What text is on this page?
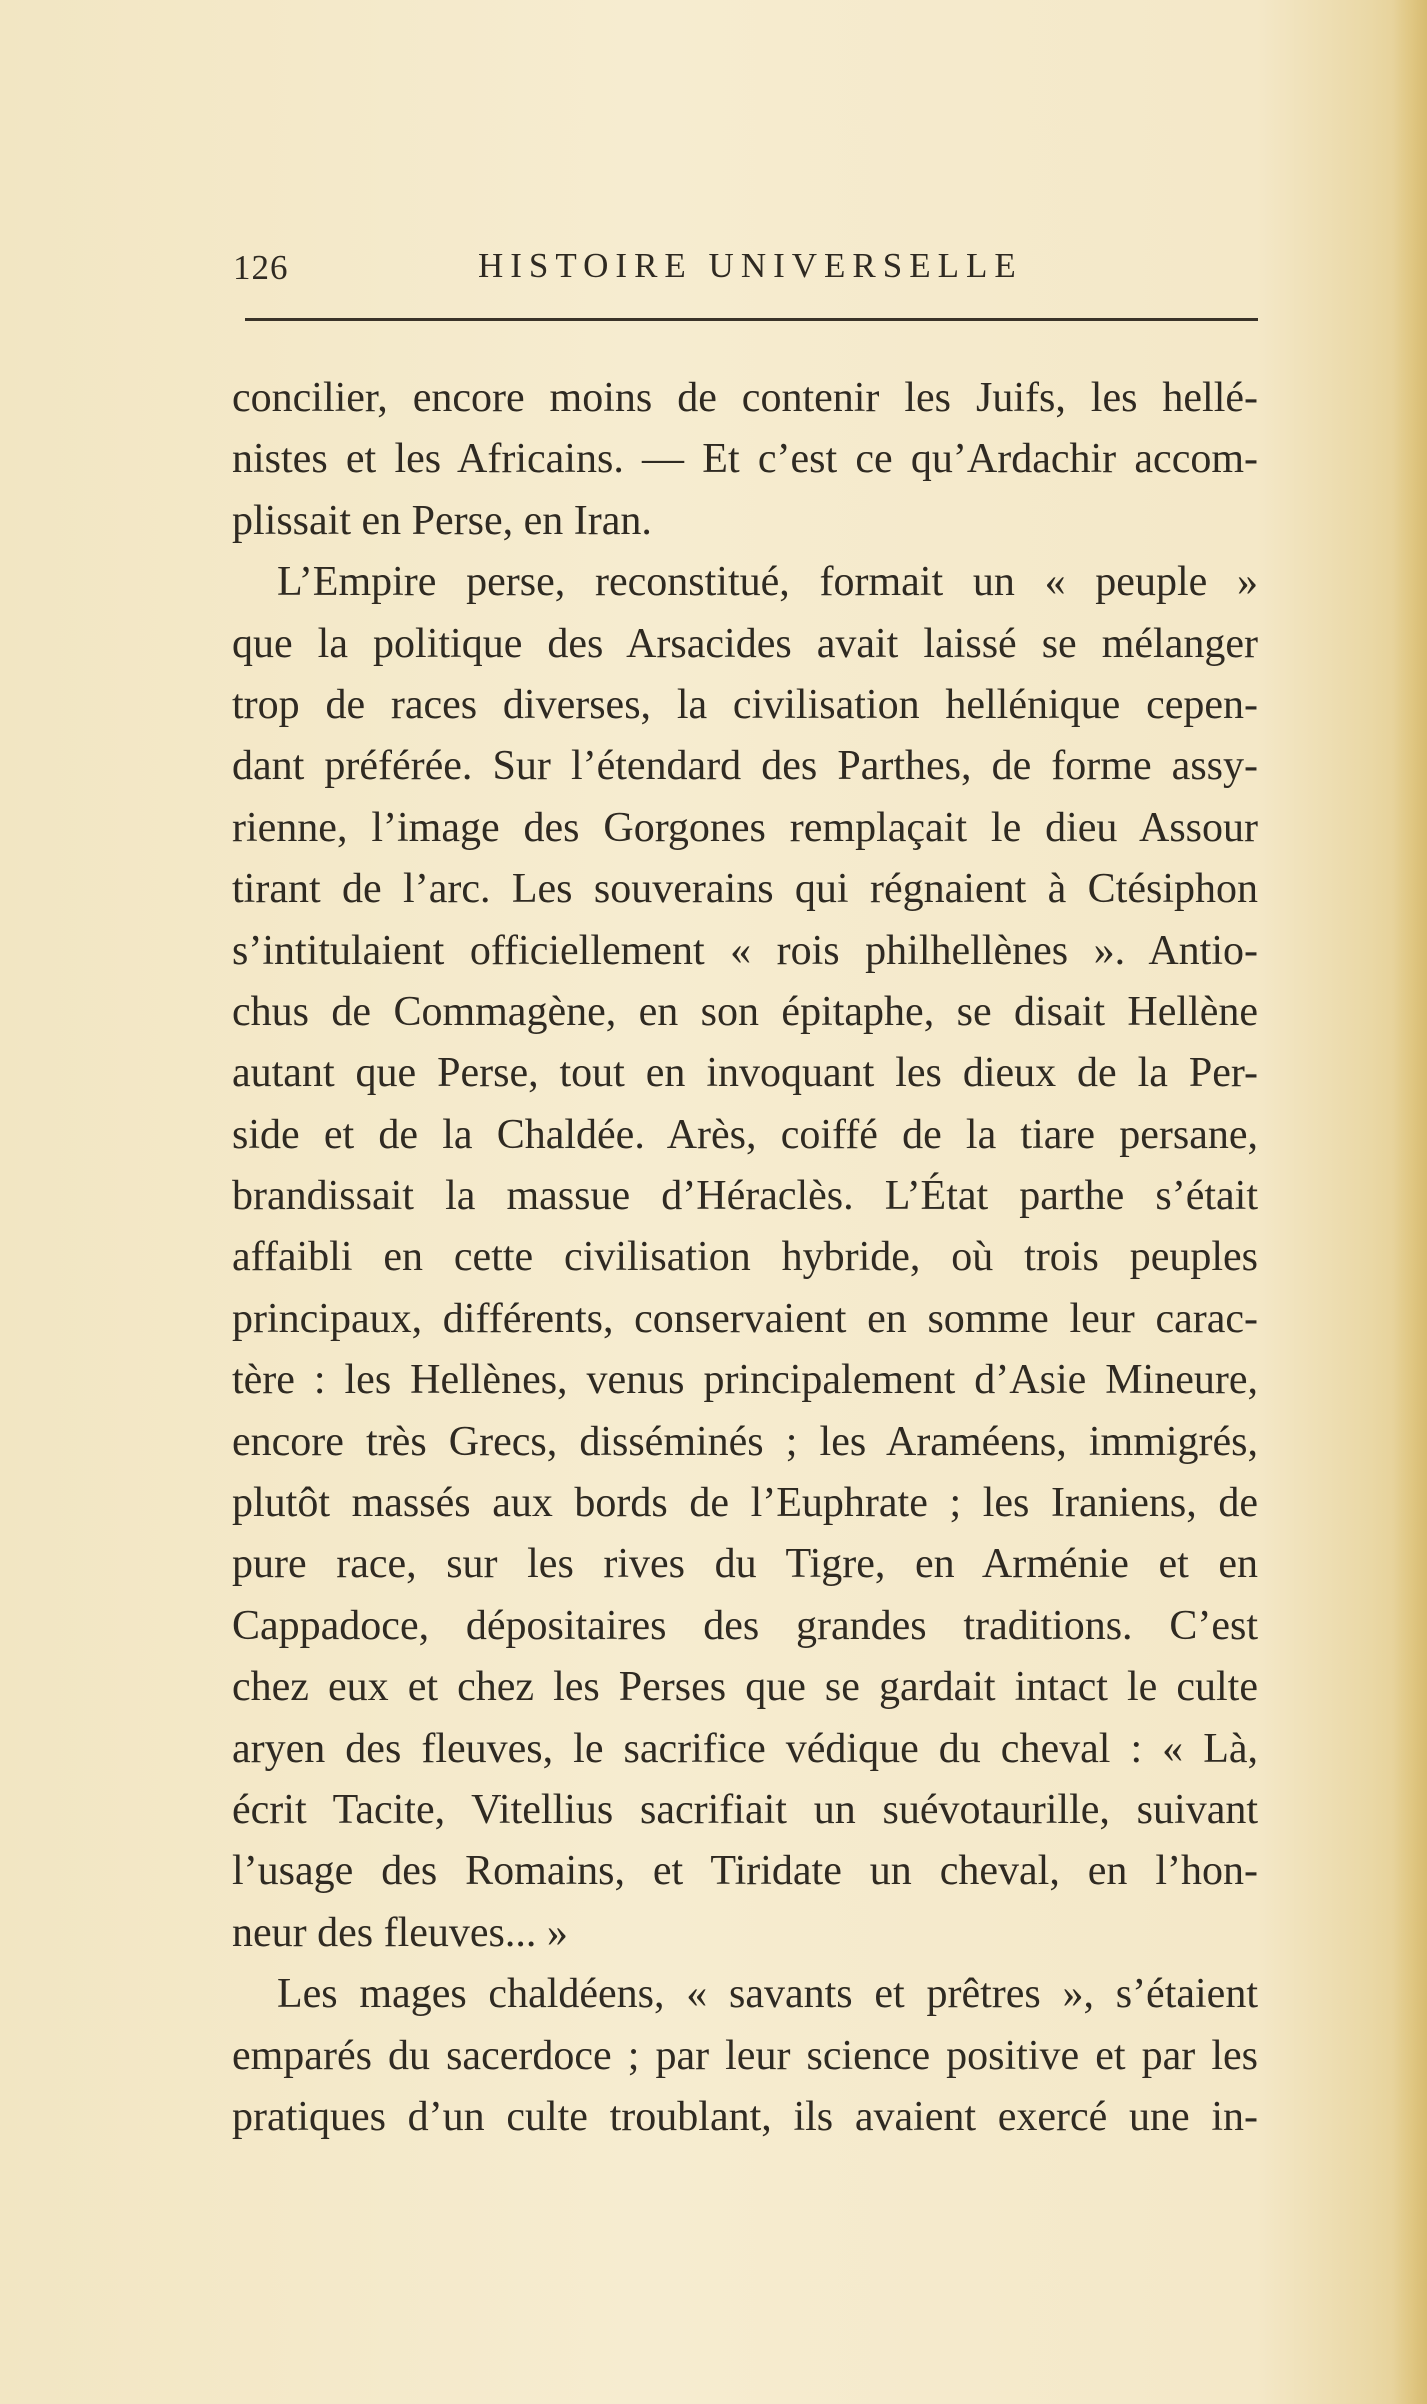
126	HISTOIRE UNIVERSELLE
concilier, encore moins de contenir les Juifs, les hellé-
nistes et les Africains. — Et c’est ce qu’Ardachir accom-
plissait en Perse, en Iran.
L’Empire perse, reconstitué, formait un « peuple »
que la politique des Arsacides avait laissé se mélanger
trop de races diverses, la civilisation hellénique cepen-
dant préférée. Sur l’étendard des Parthes, de forme assy-
rienne, l’image des Gorgones remplaçait le dieu Assour
tirant de l’arc. Les souverains qui régnaient à Ctésiphon
s’intitulaient officiellement « rois philhellènes ». Antio-
chus de Commagène, en son épitaphe, se disait Hellène
autant que Perse, tout en invoquant les dieux de la Per-
side et de la Chaldée. Arès, coiffé de la tiare persane,
brandissait la massue d’Héraclès. L’État parthe s’était
affaibli en cette civilisation hybride, où trois peuples
principaux, différents, conservaient en somme leur carac-
tère : les Hellènes, venus principalement d’Asie Mineure,
encore très Grecs, disséminés ; les Araméens, immigrés,
plutôt massés aux bords de l’Euphrate ; les Iraniens, de
pure race, sur les rives du Tigre, en Arménie et en
Cappadoce, dépositaires des grandes traditions. C’est
chez eux et chez les Perses que se gardait intact le culte
aryen des fleuves, le sacrifice védique du cheval : « Là,
écrit Tacite, Vitellius sacrifiait un suévotaurille, suivant
l’usage des Romains, et Tiridate un cheval, en l’hon-
neur des fleuves... »
Les mages chaldéens, « savants et prêtres », s’étaient
emparés du sacerdoce ; par leur science positive et par les
pratiques d’un culte troublant, ils avaient exercé une in-
